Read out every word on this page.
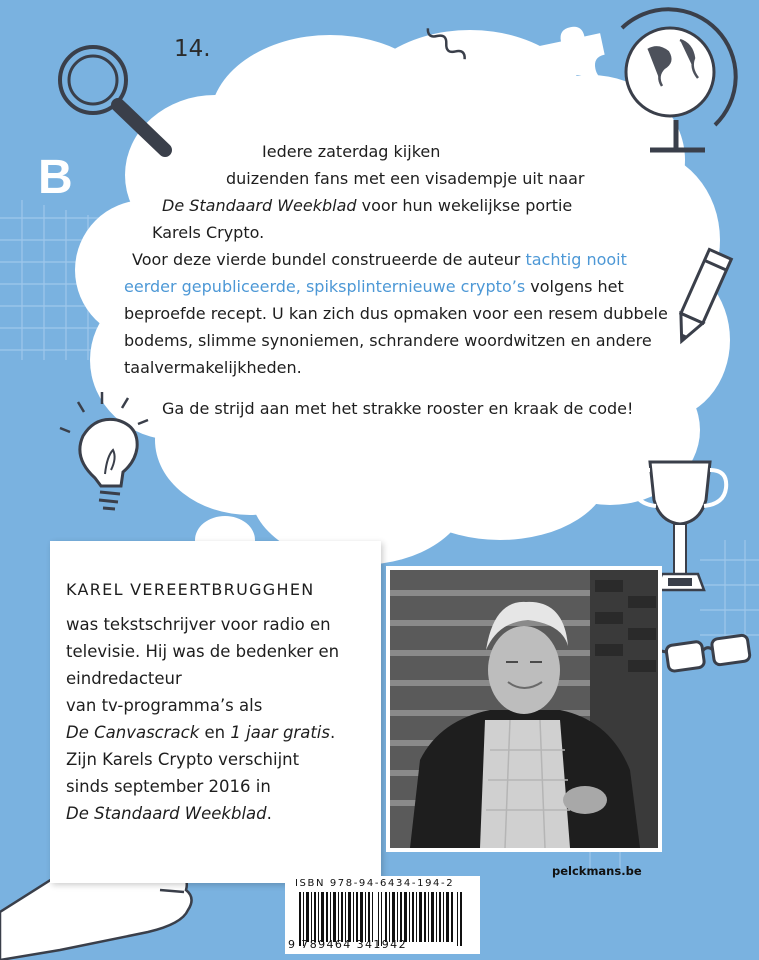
14.
B	Iedere zaterdag kijken
duizenden fans met een visadempje uit naar
De Standaard Weekblad voor hun wekelijkse portie
Karels Crypto.
Voor deze vierde bundel construeerde de auteur tachtig nooit
eerder gepubliceerde, spiksplinternieuwe crypto’s volgens het
beproefde recept. U kan zich dus opmaken voor een resem dubbele
bodems, slimme synoniemen, schrandere woordwitzen en andere
taalvermakelijkheden.
Ga de strijd aan met het strakke rooster en kraak de code!
KAREL VEREERTBRUGGHEN
was tekstschrijver voor radio en
televisie. Hij was de bedenker en
eindredacteur
van tv-programma’s als
De Canvascrack en 1 jaar gratis.
Zijn Karels Crypto verschijnt
sinds september 2016 in
De Standaard Weekblad.
pelckmans.be
ISBN 978-94-6434-194-2
9 789464 341942
